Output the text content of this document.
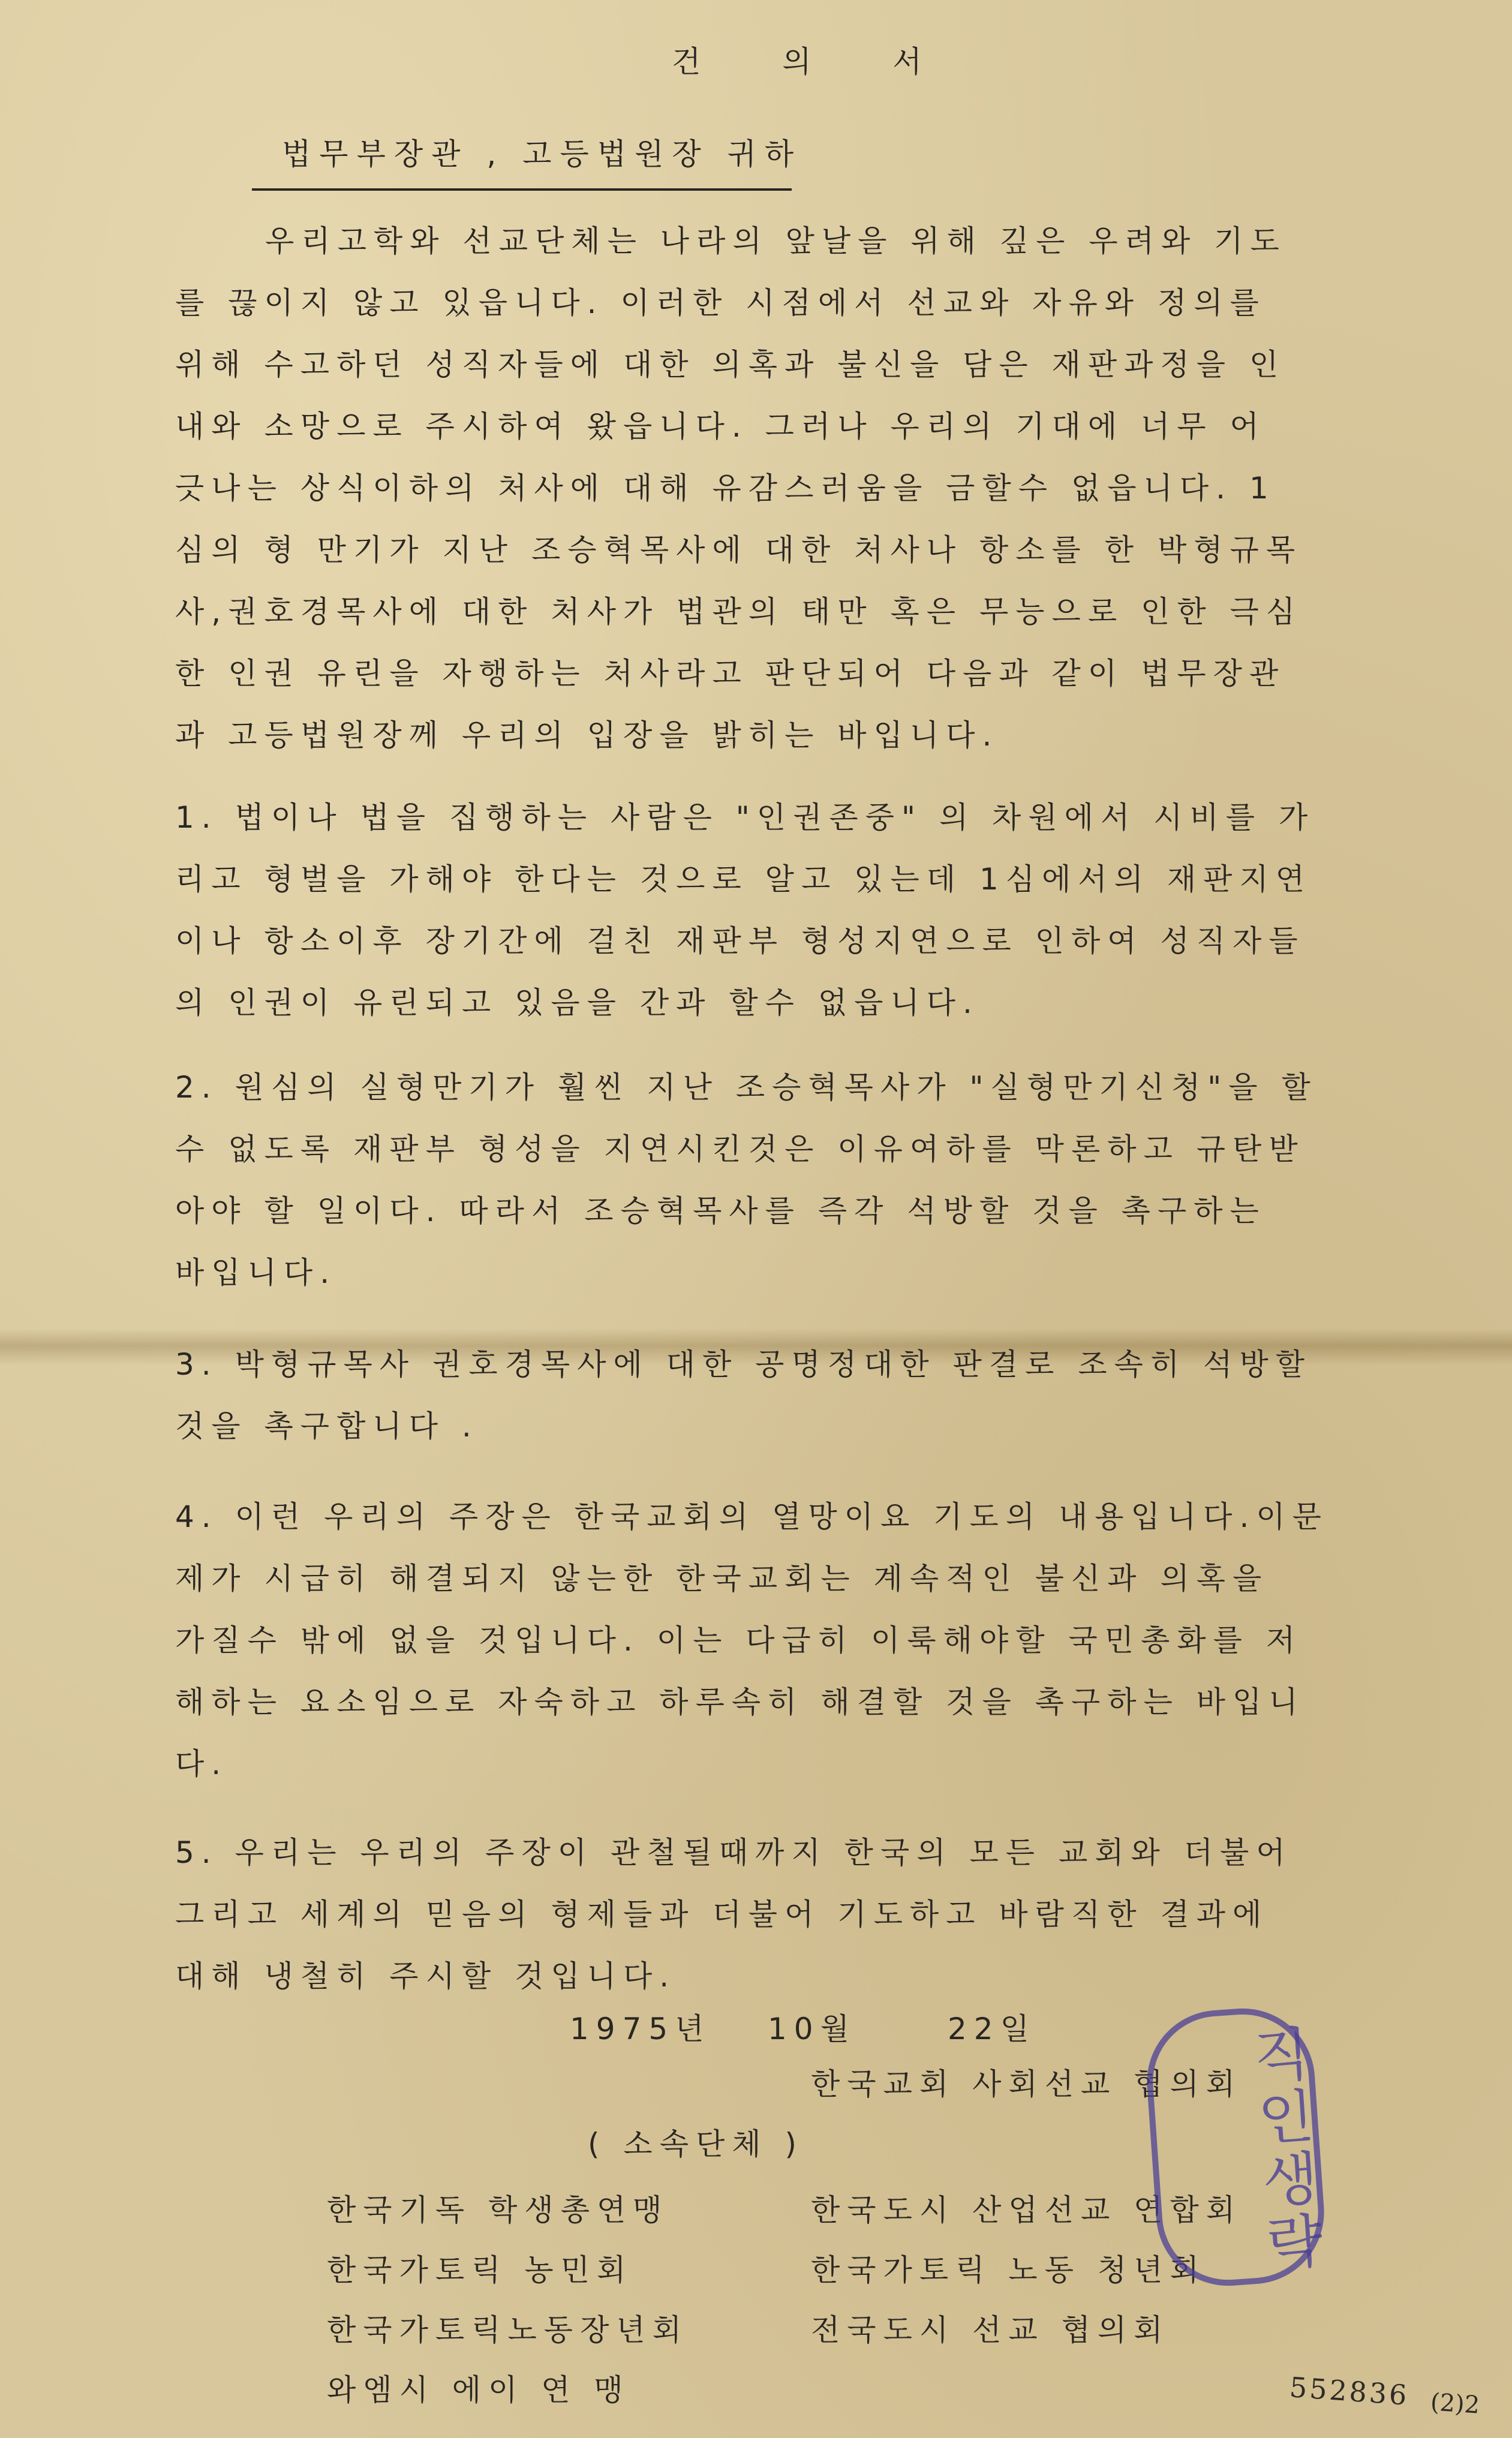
건 의 서
법무부장관 , 고등법원장 귀하
우리고학와 선교단체는 나라의 앞날을 위해 깊은 우려와 기도
를 끊이지 않고 있읍니다. 이러한 시점에서 선교와 자유와 정의를
위해 수고하던 성직자들에 대한 의혹과 불신을 담은 재판과정을 인
내와 소망으로 주시하여 왔읍니다. 그러나 우리의 기대에 너무 어
긋나는 상식이하의 처사에 대해 유감스러움을 금할수 없읍니다. 1
심의 형 만기가 지난 조승혁목사에 대한 처사나 항소를 한 박형규목
사,권호경목사에 대한 처사가 법관의 태만 혹은 무능으로 인한 극심
한 인권 유린을 자행하는 처사라고 판단되어 다음과 같이 법무장관
과 고등법원장께 우리의 입장을 밝히는 바입니다.
1. 법이나 법을 집행하는 사람은 "인권존중" 의 차원에서 시비를 가
리고 형벌을 가해야 한다는 것으로 알고 있는데 1심에서의 재판지연
이나 항소이후 장기간에 걸친 재판부 형성지연으로 인하여 성직자들
의 인권이 유린되고 있음을 간과 할수 없읍니다.
2. 원심의 실형만기가 훨씬 지난 조승혁목사가 "실형만기신청"을 할
수 없도록 재판부 형성을 지연시킨것은 이유여하를 막론하고 규탄받
아야 할 일이다. 따라서 조승혁목사를 즉각 석방할 것을 촉구하는
바입니다.
3. 박형규목사 권호경목사에 대한 공명정대한 판결로 조속히 석방할
것을 촉구합니다 .
4. 이런 우리의 주장은 한국교회의 열망이요 기도의 내용입니다.이문
제가 시급히 해결되지 않는한 한국교회는 계속적인 불신과 의혹을
가질수 밖에 없을 것입니다. 이는 다급히 이룩해야할 국민총화를 저
해하는 요소임으로 자숙하고 하루속히 해결할 것을 촉구하는 바입니
다.
5. 우리는 우리의 주장이 관철될때까지 한국의 모든 교회와 더불어
그리고 세계의 믿음의 형제들과 더불어 기도하고 바람직한 결과에
대해 냉철히 주시할 것입니다.
1975년 10월	22일
한국교회 사회선교 협의회
( 소속단체 )
한국기독 학생총연맹
한국가토릭 농민회
한국가토릭노동장년회
와엠시 에이 연 맹
한국도시 산업선교 연합회
한국가토릭 노동 청년회
전국도시 선교 협의회
직인생략
552836 (2)2
